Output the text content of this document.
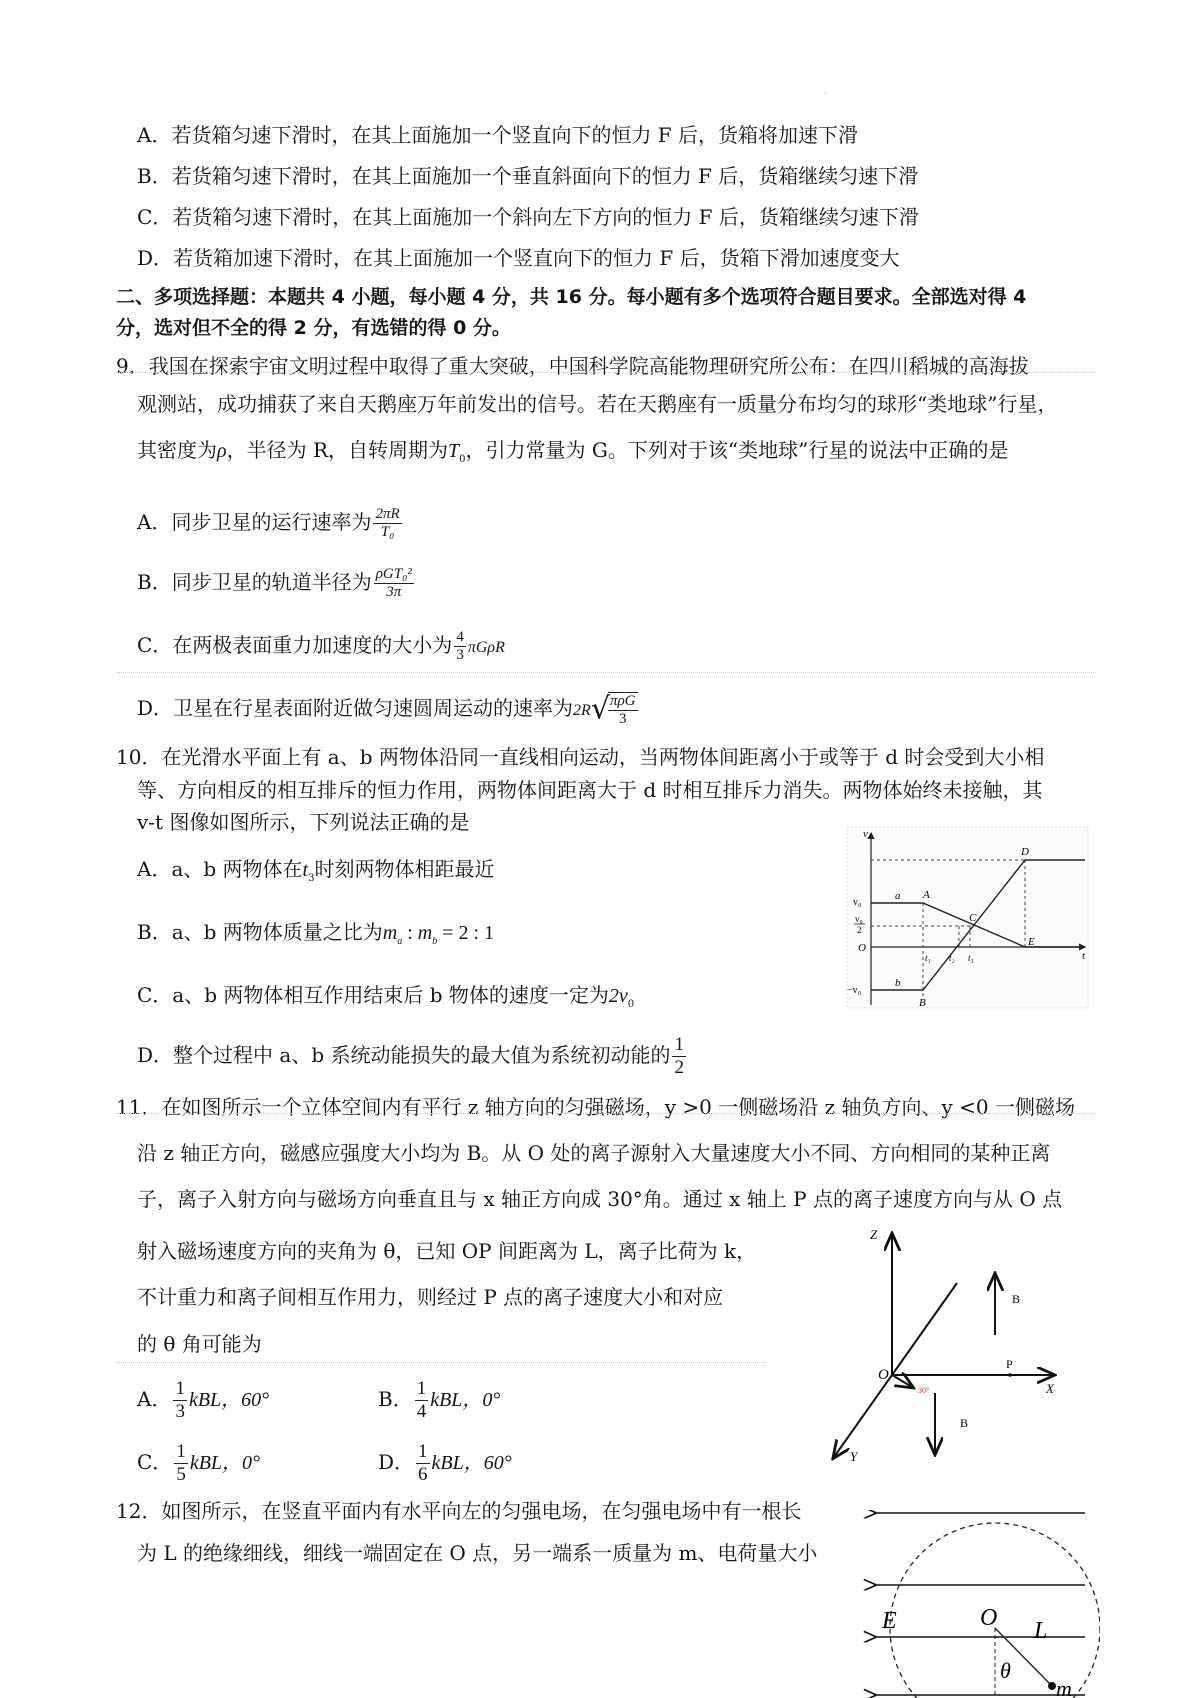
◦
A．若货箱匀速下滑时，在其上面施加一个竖直向下的恒力 F 后，货箱将加速下滑
B．若货箱匀速下滑时，在其上面施加一个垂直斜面向下的恒力 F 后，货箱继续匀速下滑
C．若货箱匀速下滑时，在其上面施加一个斜向左下方向的恒力 F 后，货箱继续匀速下滑
D．若货箱加速下滑时，在其上面施加一个竖直向下的恒力 F 后，货箱下滑加速度变大
二、多项选择题：本题共 4 小题，每小题 4 分，共 16 分。每小题有多个选项符合题目要求。全部选对得 4
分，选对但不全的得 2 分，有选错的得 0 分。
9．我国在探索宇宙文明过程中取得了重大突破，中国科学院高能物理研究所公布：在四川稻城的高海拔
观测站，成功捕获了来自天鹅座万年前发出的信号。若在天鹅座有一质量分布均匀的球形“类地球”行星，
其密度为ρ，半径为 R，自转周期为$T_0$，引力常量为 G。下列对于该“类地球”行星的说法中正确的是
A．同步卫星的运行速率为 $\frac{2\pi R}{\text{T₀}}$
B．同步卫星的轨道半径为 $\frac{\text{ρGT₀²}}{3\pi}$
C．在两极表面重力加速度的大小为 $\frac{4}{3}$ πGρR
D．卫星在行星表面附近做匀速圆周运动的速率为2R√
$\frac{\text{πρG}}{3}$
10．在光滑水平面上有 a、b 两物体沿同一直线相向运动，当两物体间距离小于或等于 d 时会受到大小相
等、方向相反的相互排斥的恒力作用，两物体间距离大于 d 时相互排斥力消失。两物体始终未接触，其
v-t 图像如图所示，下列说法正确的是
A．a、b 两物体在$t_3$时刻两物体相距最近
B．a、b 两物体质量之比为$m_a$ : $m_b = 2$ : 1
C．a、b 两物体相互作用结束后 b 物体的速度一定为$2v_0$
D．整个过程中 a、b 系统动能损失的最大值为系统初动能的 $\frac{1}{2}$
v
t
O
v₀
v₀
2
−v₀
a
b
A
B
C
D
E
t₁ t₂ t₃
11．在如图所示一个立体空间内有平行 z 轴方向的匀强磁场，y >0 一侧磁场沿 z 轴负方向、y <0 一侧磁场
沿 z 轴正方向，磁感应强度大小均为 B。从 O 处的离子源射入大量速度大小不同、方向相同的某种正离
子，离子入射方向与磁场方向垂直且与 x 轴正方向成 30°角。通过 x 轴上 P 点的离子速度方向与从 O 点
射入磁场速度方向的夹角为 θ，已知 OP 间距离为 L，离子比荷为 k，
不计重力和离子间相互作用力，则经过 P 点的离子速度大小和对应
的 θ 角可能为
A． $\frac{1}{3}$ kBL，60°	B． $\frac{1}{4}$ kBL，0°
C． $\frac{1}{5}$ kBL，0°	D． $\frac{1}{6}$ kBL，60°
Z
X
Y
O
P
B
B
30°
12．如图所示，在竖直平面内有水平向左的匀强电场，在匀强电场中有一根长
为 L 的绝缘细线，细线一端固定在 O 点，另一端系一质量为 m、电荷量大小
E	O L
θ
m
